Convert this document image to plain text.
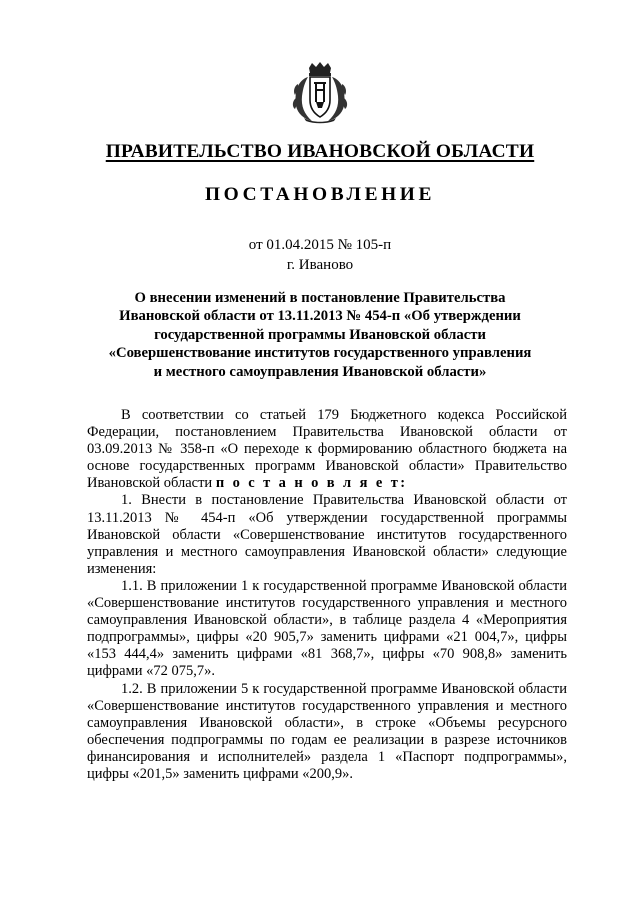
ПРАВИТЕЛЬСТВО ИВАНОВСКОЙ ОБЛАСТИ
ПОСТАНОВЛЕНИЕ
от 01.04.2015 № 105-п
г. Иваново
О внесении изменений в постановление Правительства
Ивановской области от 13.11.2013 № 454-п «Об утверждении
государственной программы Ивановской области
«Совершенствование институтов государственного управления
и местного самоуправления Ивановской области»

В соответствии со статьей 179 Бюджетного кодекса Российской Федерации, постановлением Правительства Ивановской области от 03.09.2013 № 358-п «О переходе к формированию областного бюджета на основе государственных программ Ивановской области» Правительство Ивановской области п о с т а н о в л я е т:

1. Внести в постановление Правительства Ивановской области от 13.11.2013 № 454-п «Об утверждении государственной программы Ивановской области «Совершенствование институтов государственного управления и местного самоуправления Ивановской области» следующие изменения:

1.1. В приложении 1 к государственной программе Ивановской области «Совершенствование институтов государственного управления и местного самоуправления Ивановской области», в таблице раздела 4 «Мероприятия подпрограммы», цифры «20 905,7» заменить цифрами «21 004,7», цифры «153 444,4» заменить цифрами «81 368,7», цифры «70 908,8» заменить цифрами «72 075,7».

1.2. В приложении 5 к государственной программе Ивановской области «Совершенствование институтов государственного управления и местного самоуправления Ивановской области», в строке «Объемы ресурсного обеспечения подпрограммы по годам ее реализации в разрезе источников финансирования и исполнителей» раздела 1 «Паспорт подпрограммы», цифры «201,5» заменить цифрами «200,9».
